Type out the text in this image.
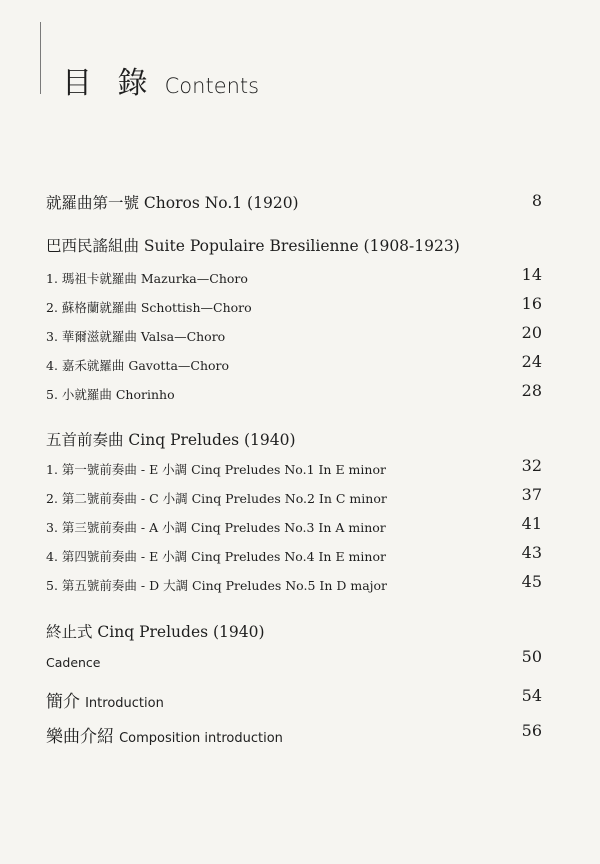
目 錄 Contents
就羅曲第一號 Choros No.1 (1920)	8
巴西民謠組曲 Suite Populaire Bresilienne (1908-1923)
1. 瑪祖卡就羅曲 Mazurka—Choro	14
2. 蘇格蘭就羅曲 Schottish—Choro	16
3. 華爾滋就羅曲 Valsa—Choro	20
4. 嘉禾就羅曲 Gavotta—Choro	24
5. 小就羅曲 Chorinho	28
五首前奏曲 Cinq Preludes (1940)
1. 第一號前奏曲 - E 小調 Cinq Preludes No.1 In E minor	32
2. 第二號前奏曲 - C 小調 Cinq Preludes No.2 In C minor	37
3. 第三號前奏曲 - A 小調 Cinq Preludes No.3 In A minor	41
4. 第四號前奏曲 - E 小調 Cinq Preludes No.4 In E minor	43
5. 第五號前奏曲 - D 大調 Cinq Preludes No.5 In D major	45
終止式 Cinq Preludes (1940)
Cadence	50
簡介 Introduction	54
樂曲介紹 Composition introduction	56
